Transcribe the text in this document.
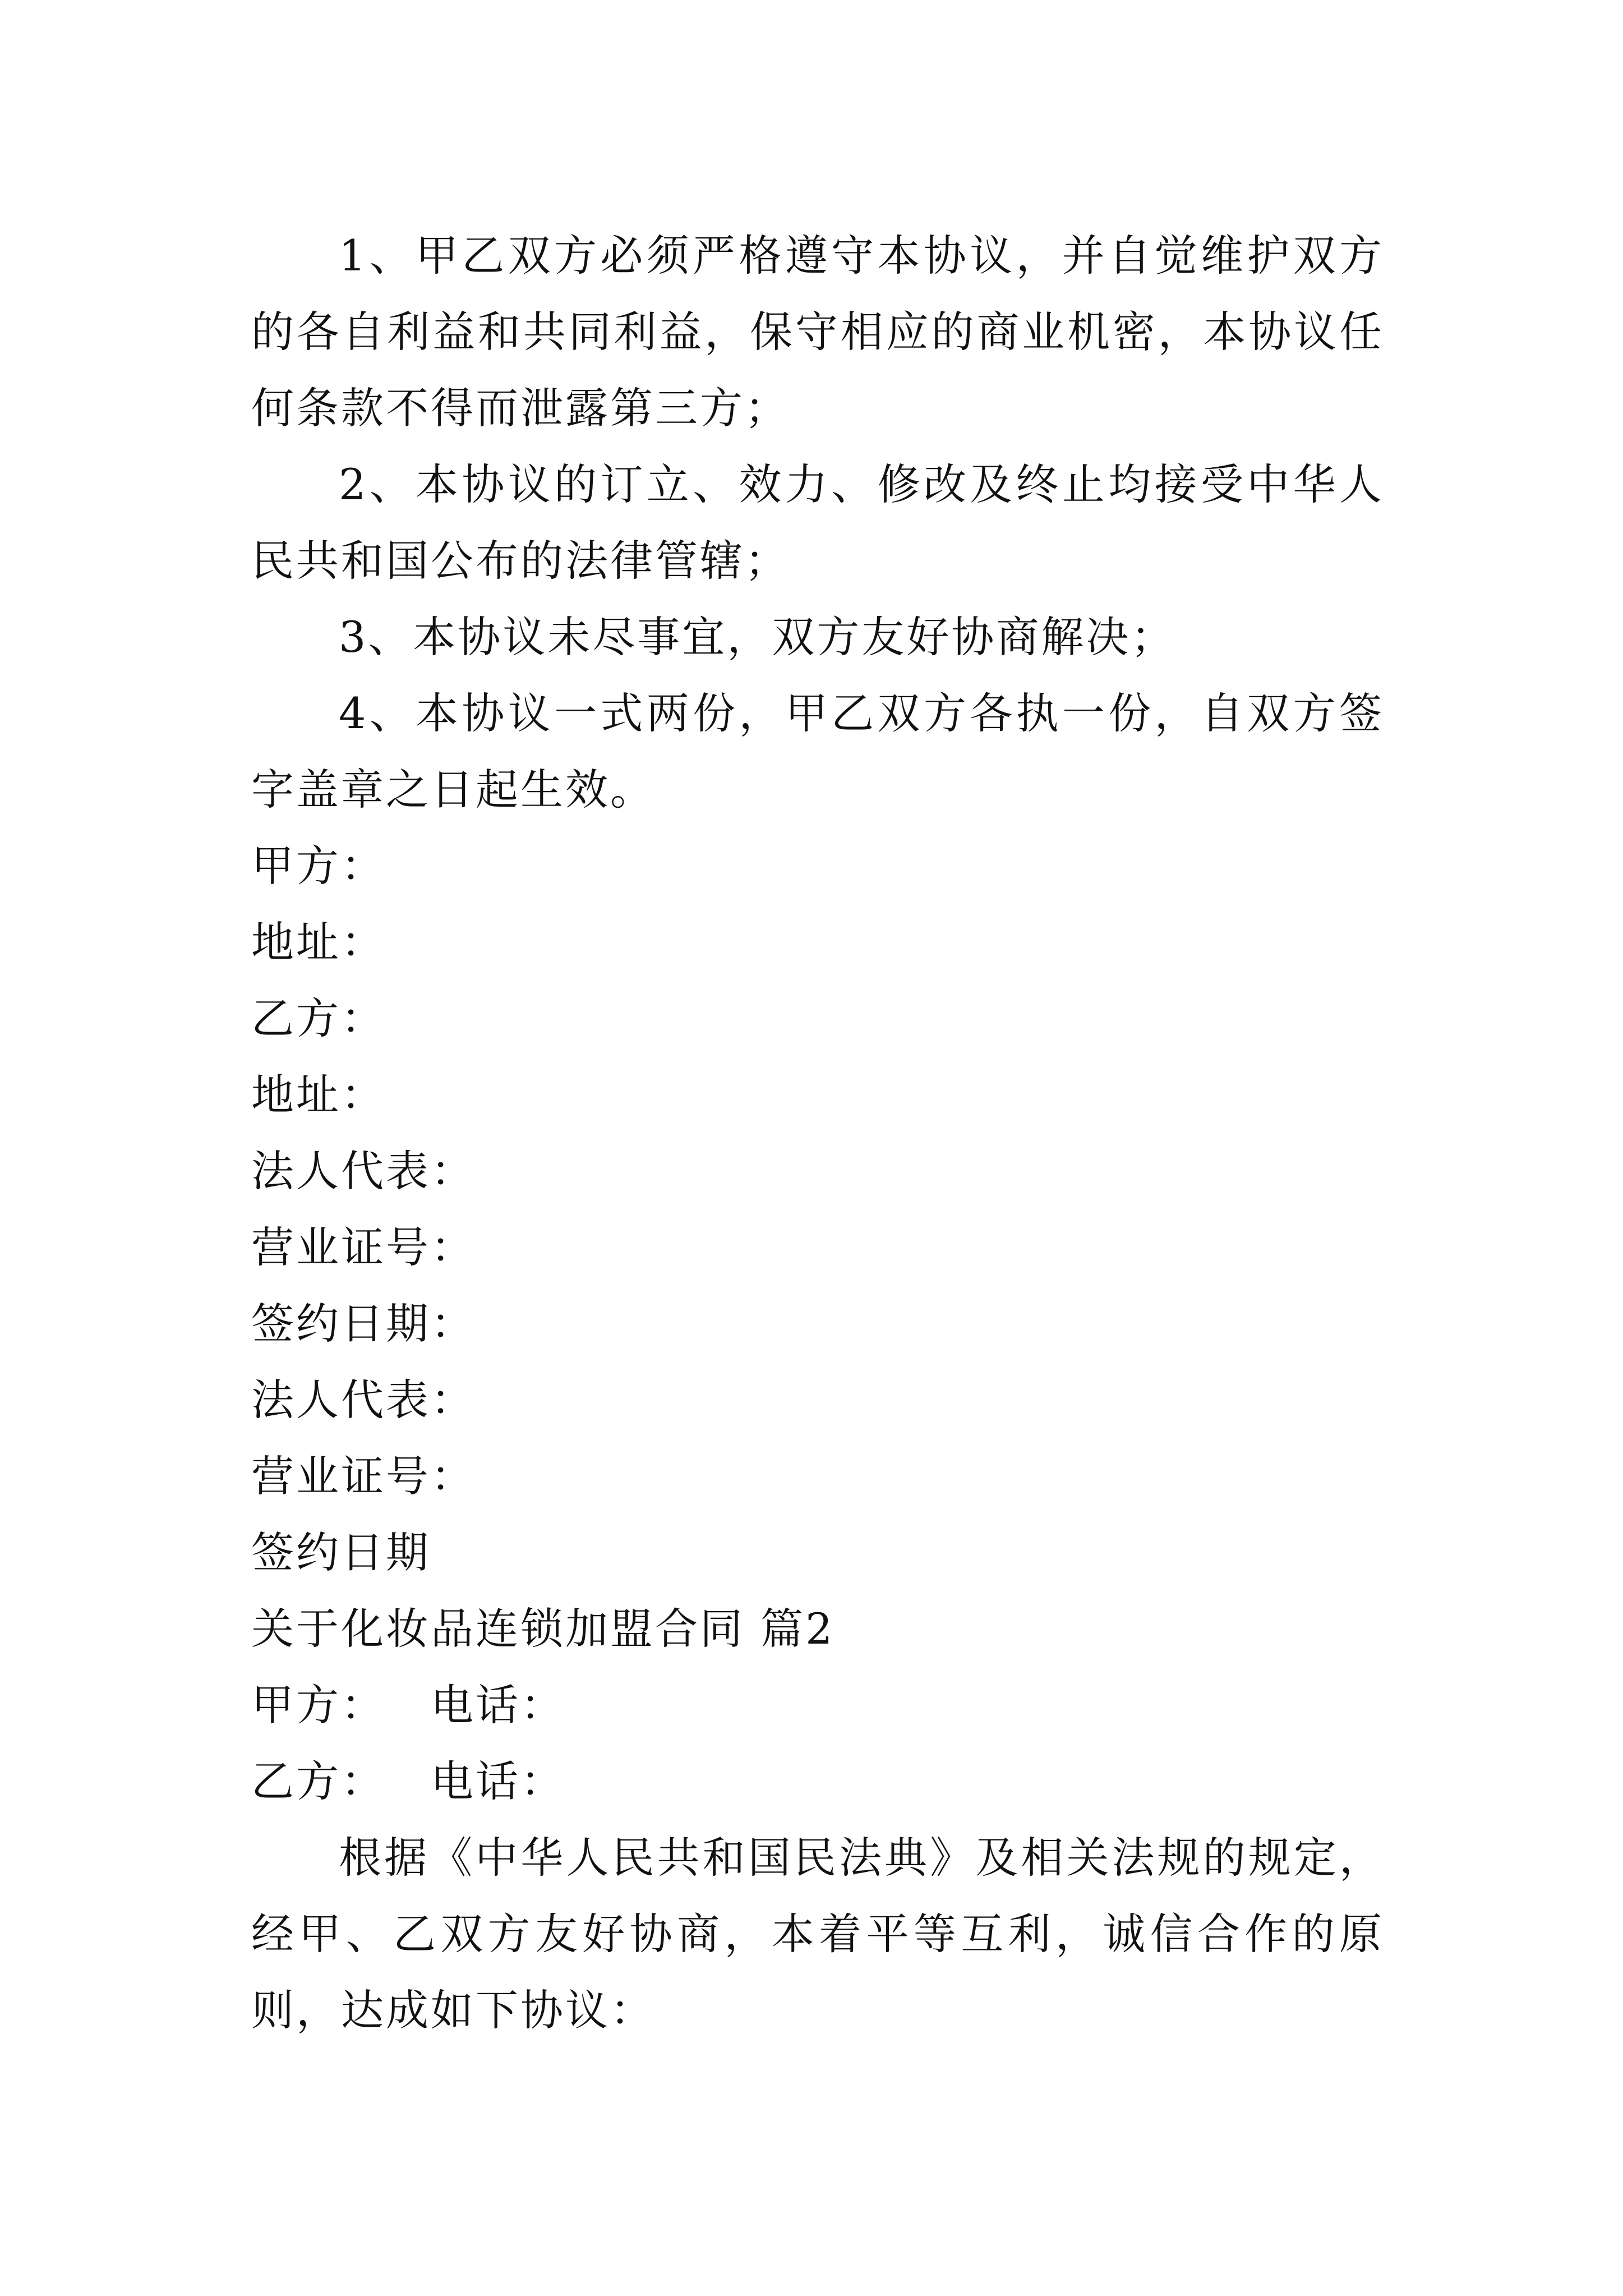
1、甲乙双方必须严格遵守本协议，并自觉维护双方的各自利益和共同利益，保守相应的商业机密，本协议任何条款不得而泄露第三方；

2、本协议的订立、效力、修改及终止均接受中华人民共和国公布的法律管辖；

3、本协议未尽事宜，双方友好协商解决；

4、本协议一式两份，甲乙双方各执一份，自双方签字盖章之日起生效。

甲方：

地址：

乙方：

地址：

法人代表：

营业证号：

签约日期：

法人代表：

营业证号：

签约日期

关于化妆品连锁加盟合同 篇2

甲方： 电话：

乙方： 电话：

根据《中华人民共和国民法典》及相关法规的规定，经甲、乙双方友好协商，本着平等互利，诚信合作的原则，达成如下协议：
